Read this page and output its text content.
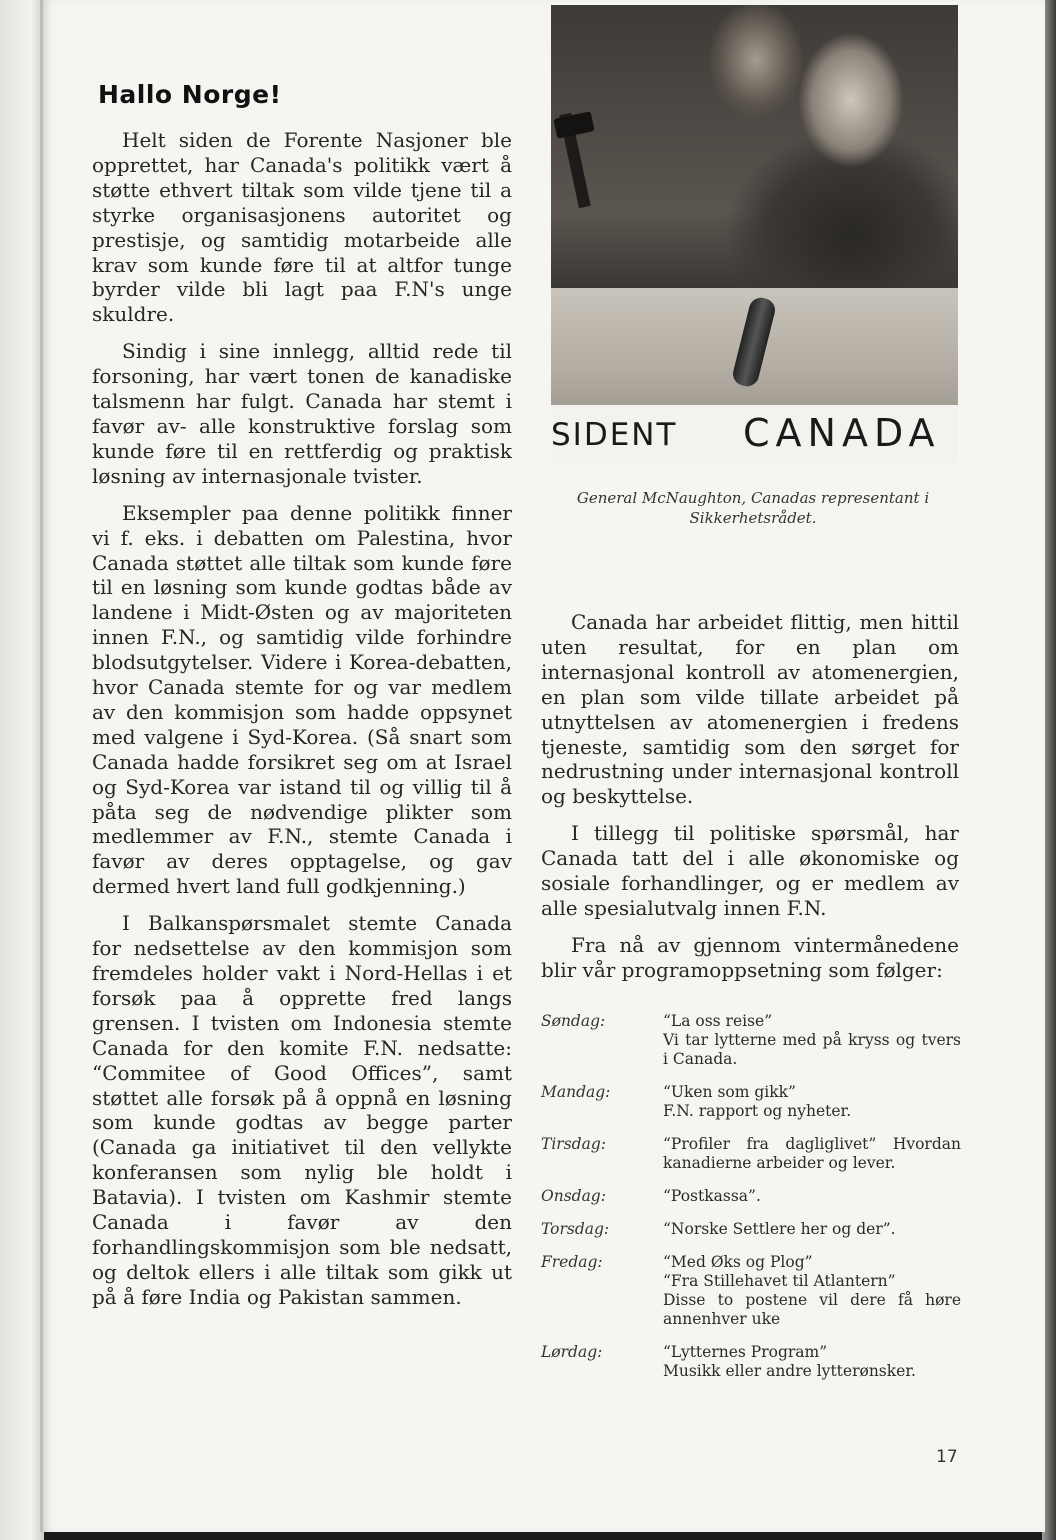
Hallo Norge!

Helt siden de Forente Nasjoner ble opprettet, har Canada's politikk vært å støtte ethvert tiltak som vilde tjene til a styrke organisasjonens autoritet og prestisje, og samtidig motarbeide alle krav som kunde føre til at altfor tunge byrder vilde bli lagt paa F.N's unge skuldre.

Sindig i sine innlegg, alltid rede til forsoning, har vært tonen de kanadiske talsmenn har fulgt. Canada har stemt i favør av- alle konstruktive forslag som kunde føre til en rettferdig og praktisk løsning av internasjonale tvister.

Eksempler paa denne politikk finner vi f. eks. i debatten om Palestina, hvor Canada støttet alle tiltak som kunde føre til en løsning som kunde godtas både av landene i Midt-Østen og av majoriteten innen F.N., og samtidig vilde forhindre blodsutgytelser. Videre i Korea-debatten, hvor Canada stemte for og var medlem av den kommisjon som hadde oppsynet med valgene i Syd-Korea. (Så snart som Canada hadde forsikret seg om at Israel og Syd-Korea var istand til og villig til å påta seg de nødvendige plikter som medlemmer av F.N., stemte Canada i favør av deres opptagelse, og gav dermed hvert land full godkjenning.)

I Balkanspørsmalet stemte Canada for nedsettelse av den kommisjon som fremdeles holder vakt i Nord-Hellas i et forsøk paa å opprette fred langs grensen. I tvisten om Indonesia stemte Canada for den komite F.N. nedsatte: “Commitee of Good Offices”, samt støttet alle forsøk på å oppnå en løsning som kunde godtas av begge parter (Canada ga initiativet til den vellykte konferansen som nylig ble holdt i Batavia). I tvisten om Kashmir stemte Canada i favør av den forhandlingskommisjon som ble nedsatt, og deltok ellers i alle tiltak som gikk ut på å føre India og Pakistan sammen.

SIDENT CANADA
General McNaughton, Canadas representant i Sikkerhetsrådet.

Canada har arbeidet flittig, men hittil uten resultat, for en plan om internasjonal kontroll av atomenergien, en plan som vilde tillate arbeidet på utnyttelsen av atomenergien i fredens tjeneste, samtidig som den sørget for nedrustning under internasjonal kontroll og beskyttelse.

I tillegg til politiske spørsmål, har Canada tatt del i alle økonomiske og sosiale forhandlinger, og er medlem av alle spesialutvalg innen F.N.

Fra nå av gjennom vintermånedene blir vår programoppsetning som følger:

Søndag:	“La oss reise”
Vi tar lytterne med på kryss og tvers i Canada.
Mandag:	“Uken som gikk”
F.N. rapport og nyheter.
Tirsdag:	“Profiler fra dagliglivet” Hvordan kanadierne arbeider og lever.
Onsdag:	“Postkassa”.
Torsdag:	“Norske Settlere her og der”.
Fredag:	“Med Øks og Plog”
“Fra Stillehavet til Atlantern”
Disse to postene vil dere få høre annenhver uke
Lørdag:	“Lytternes Program”
Musikk eller andre lytterønsker.
17
